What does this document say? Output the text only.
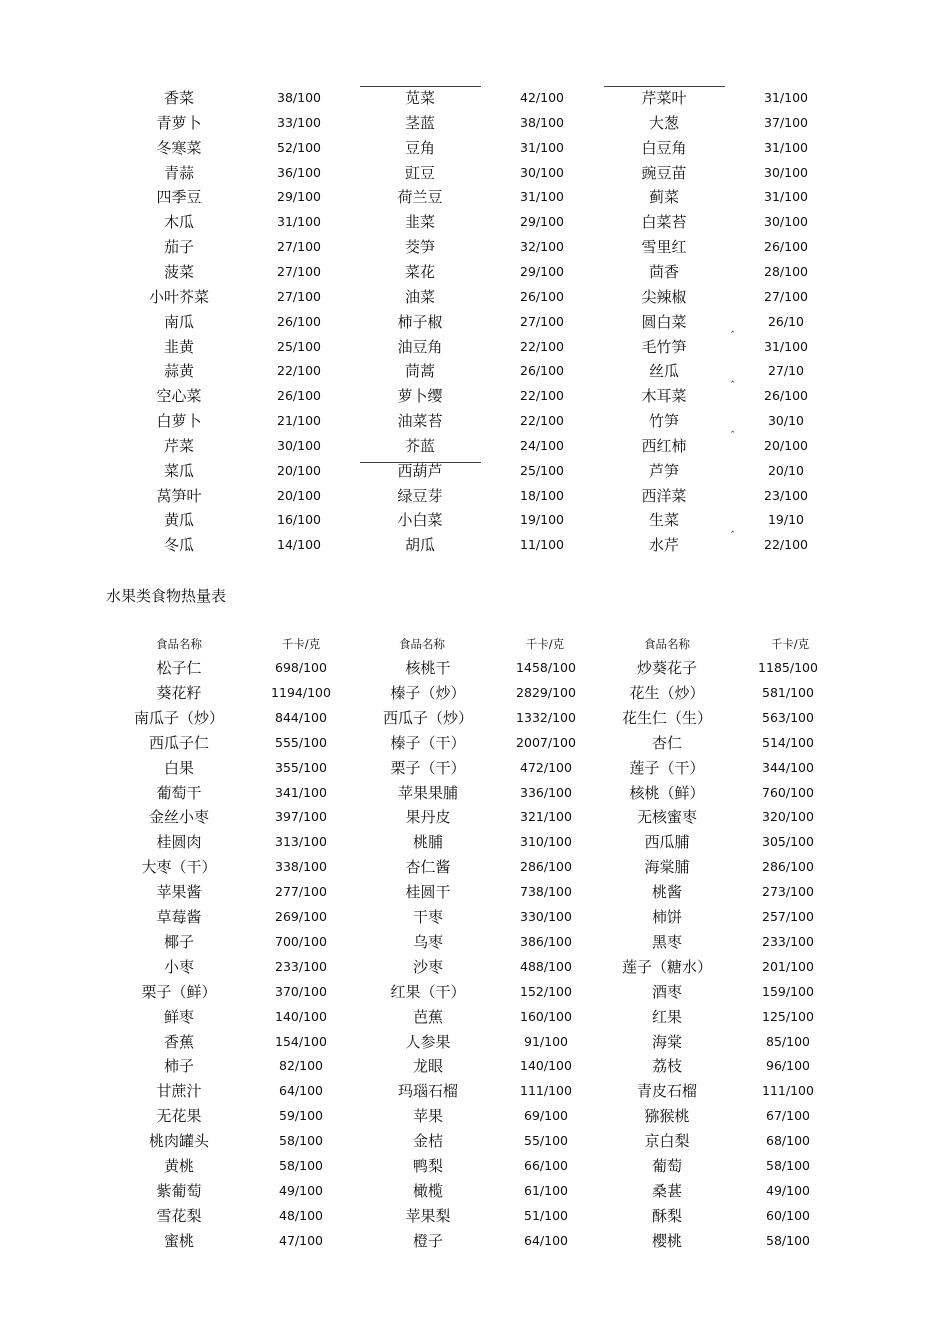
‸
‸
‸
‸
香菜	38/100	苋菜	42/100	芹菜叶	31/100
青萝卜	33/100	茎蓝	38/100	大葱	37/100
冬寒菜	52/100	豆角	31/100	白豆角	31/100
青蒜	36/100	豇豆	30/100	豌豆苗	30/100
四季豆	29/100	荷兰豆	31/100	蓟菜	31/100
木瓜	31/100	韭菜	29/100	白菜苔	30/100
茄子	27/100	茭笋	32/100	雪里红	26/100
菠菜	27/100	菜花	29/100	茴香	28/100
小叶芥菜	27/100	油菜	26/100	尖辣椒	27/100
南瓜	26/100	柿子椒	27/100	圆白菜	26/10
韭黄	25/100	油豆角	22/100	毛竹笋	31/100
蒜黄	22/100	茼蒿	26/100	丝瓜	27/10
空心菜	26/100	萝卜缨	22/100	木耳菜	26/100
白萝卜	21/100	油菜苔	22/100	竹笋	30/10
芹菜	30/100	芥蓝	24/100	西红柿	20/100
菜瓜	20/100	西葫芦	25/100	芦笋	20/10
莴笋叶	20/100	绿豆芽	18/100	西洋菜	23/100
黄瓜	16/100	小白菜	19/100	生菜	19/10
冬瓜	14/100	胡瓜	11/100	水芹	22/100
水果类食物热量表
食品名称	千卡/克	食品名称	千卡/克	食品名称	千卡/克
松子仁	698/100	核桃干	1458/100	炒葵花子	1185/100
葵花籽	1194/100	榛子（炒）	2829/100	花生（炒）	581/100
南瓜子（炒）	844/100	西瓜子（炒）	1332/100	花生仁（生）	563/100
西瓜子仁	555/100	榛子（干）	2007/100	杏仁	514/100
白果	355/100	栗子（干）	472/100	莲子（干）	344/100
葡萄干	341/100	苹果果脯	336/100	核桃（鲜）	760/100
金丝小枣	397/100	果丹皮	321/100	无核蜜枣	320/100
桂圆肉	313/100	桃脯	310/100	西瓜脯	305/100
大枣（干）	338/100	杏仁酱	286/100	海棠脯	286/100
苹果酱	277/100	桂圆干	738/100	桃酱	273/100
草莓酱	269/100	干枣	330/100	柿饼	257/100
椰子	700/100	乌枣	386/100	黑枣	233/100
小枣	233/100	沙枣	488/100	莲子（糖水）	201/100
栗子（鲜）	370/100	红果（干）	152/100	酒枣	159/100
鲜枣	140/100	芭蕉	160/100	红果	125/100
香蕉	154/100	人参果	91/100	海棠	85/100
柿子	82/100	龙眼	140/100	荔枝	96/100
甘蔗汁	64/100	玛瑙石榴	111/100	青皮石榴	111/100
无花果	59/100	苹果	69/100	猕猴桃	67/100
桃肉罐头	58/100	金桔	55/100	京白梨	68/100
黄桃	58/100	鸭梨	66/100	葡萄	58/100
紫葡萄	49/100	橄榄	61/100	桑葚	49/100
雪花梨	48/100	苹果梨	51/100	酥梨	60/100
蜜桃	47/100	橙子	64/100	樱桃	58/100
